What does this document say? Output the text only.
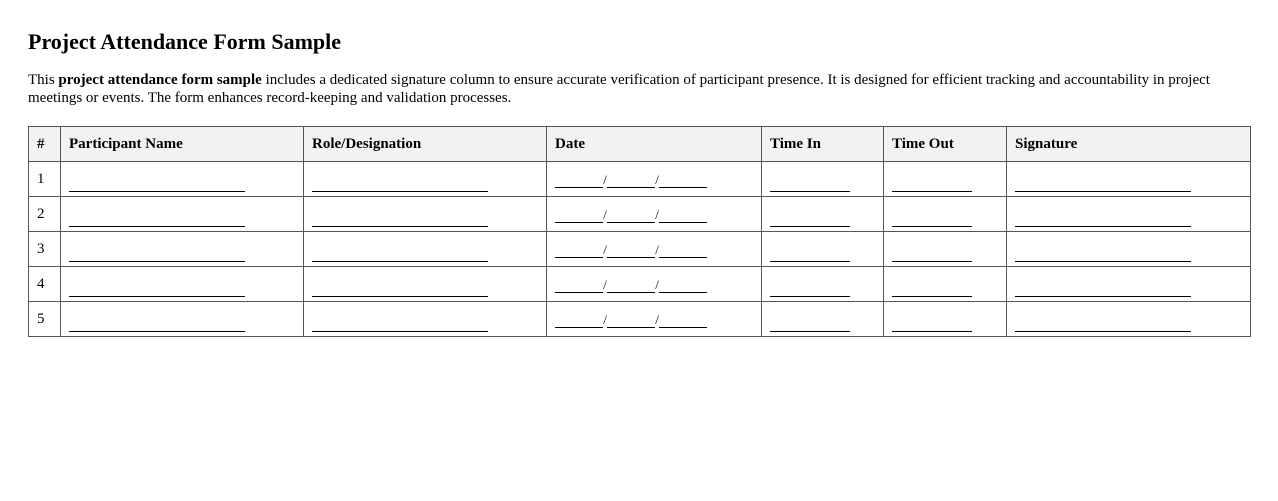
Project Attendance Form Sample
This project attendance form sample includes a dedicated signature column to ensure accurate verification of participant presence. It is designed for efficient tracking and accountability in project meetings or events. The form enhances record-keeping and validation processes.
#	Participant Name	Role/Designation	Date	Time In	Time Out	Signature
1			/ /			
2			/ /			
3			/ /			
4			/ /			
5			/ /			
